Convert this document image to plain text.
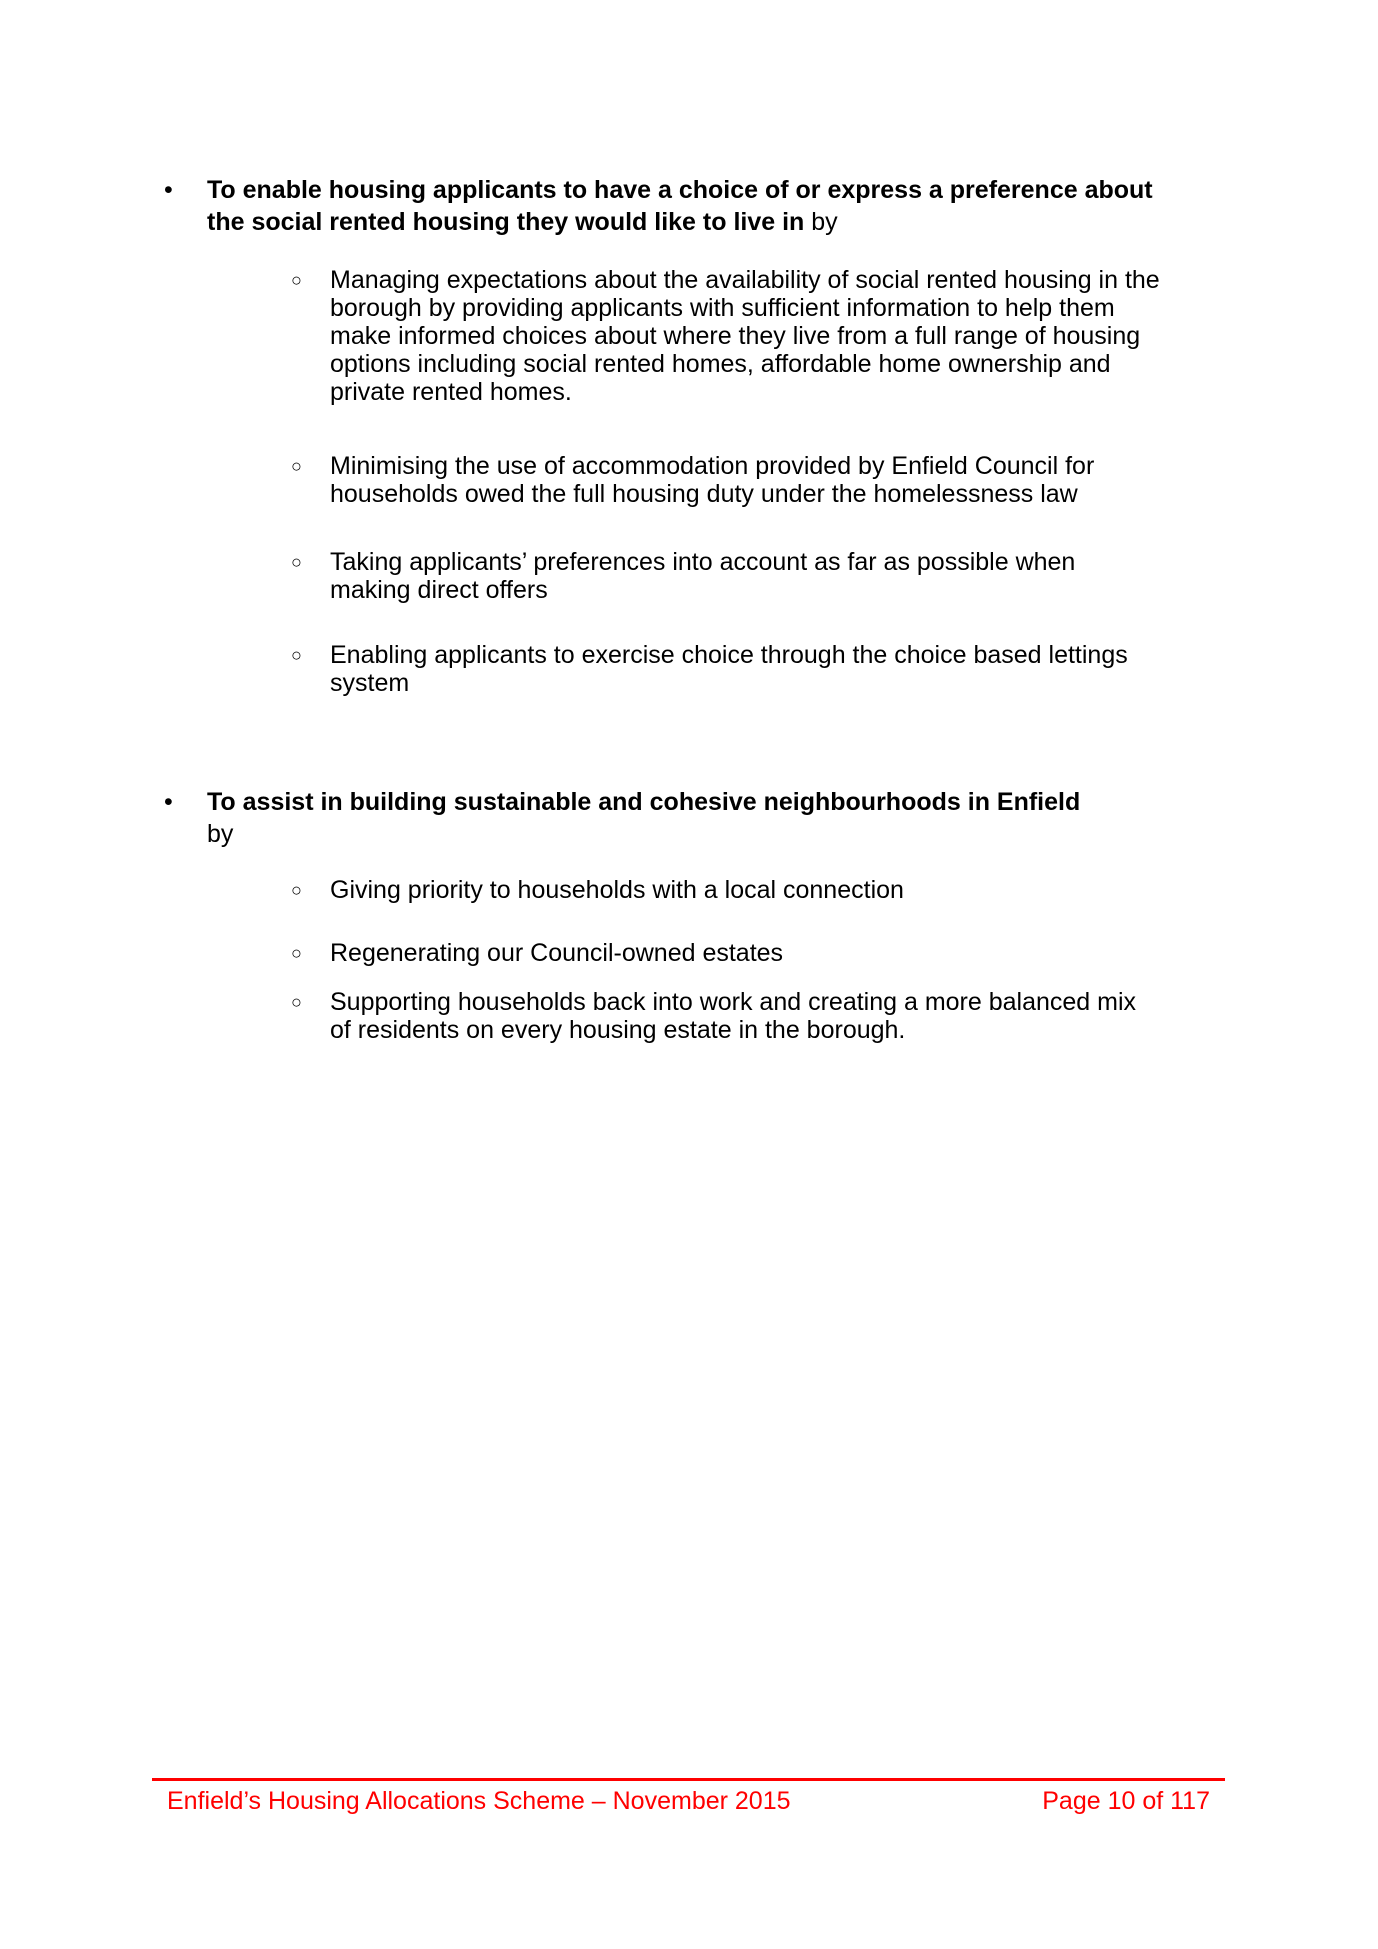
• To enable housing applicants to have a choice of or express a preference about the social rented housing they would like to live in by
○ Managing expectations about the availability of social rented housing in the borough by providing applicants with sufficient information to help them make informed choices about where they live from a full range of housing options including social rented homes, affordable home ownership and private rented homes.
○ Minimising the use of accommodation provided by Enfield Council for households owed the full housing duty under the homelessness law
○ Taking applicants’ preferences into account as far as possible when making direct offers
○ Enabling applicants to exercise choice through the choice based lettings system
• To assist in building sustainable and cohesive neighbourhoods in Enfield
by
○ Giving priority to households with a local connection
○ Regenerating our Council-owned estates
○ Supporting households back into work and creating a more balanced mix of residents on every housing estate in the borough.
Enfield’s Housing Allocations Scheme – November 2015	Page 10 of 117
